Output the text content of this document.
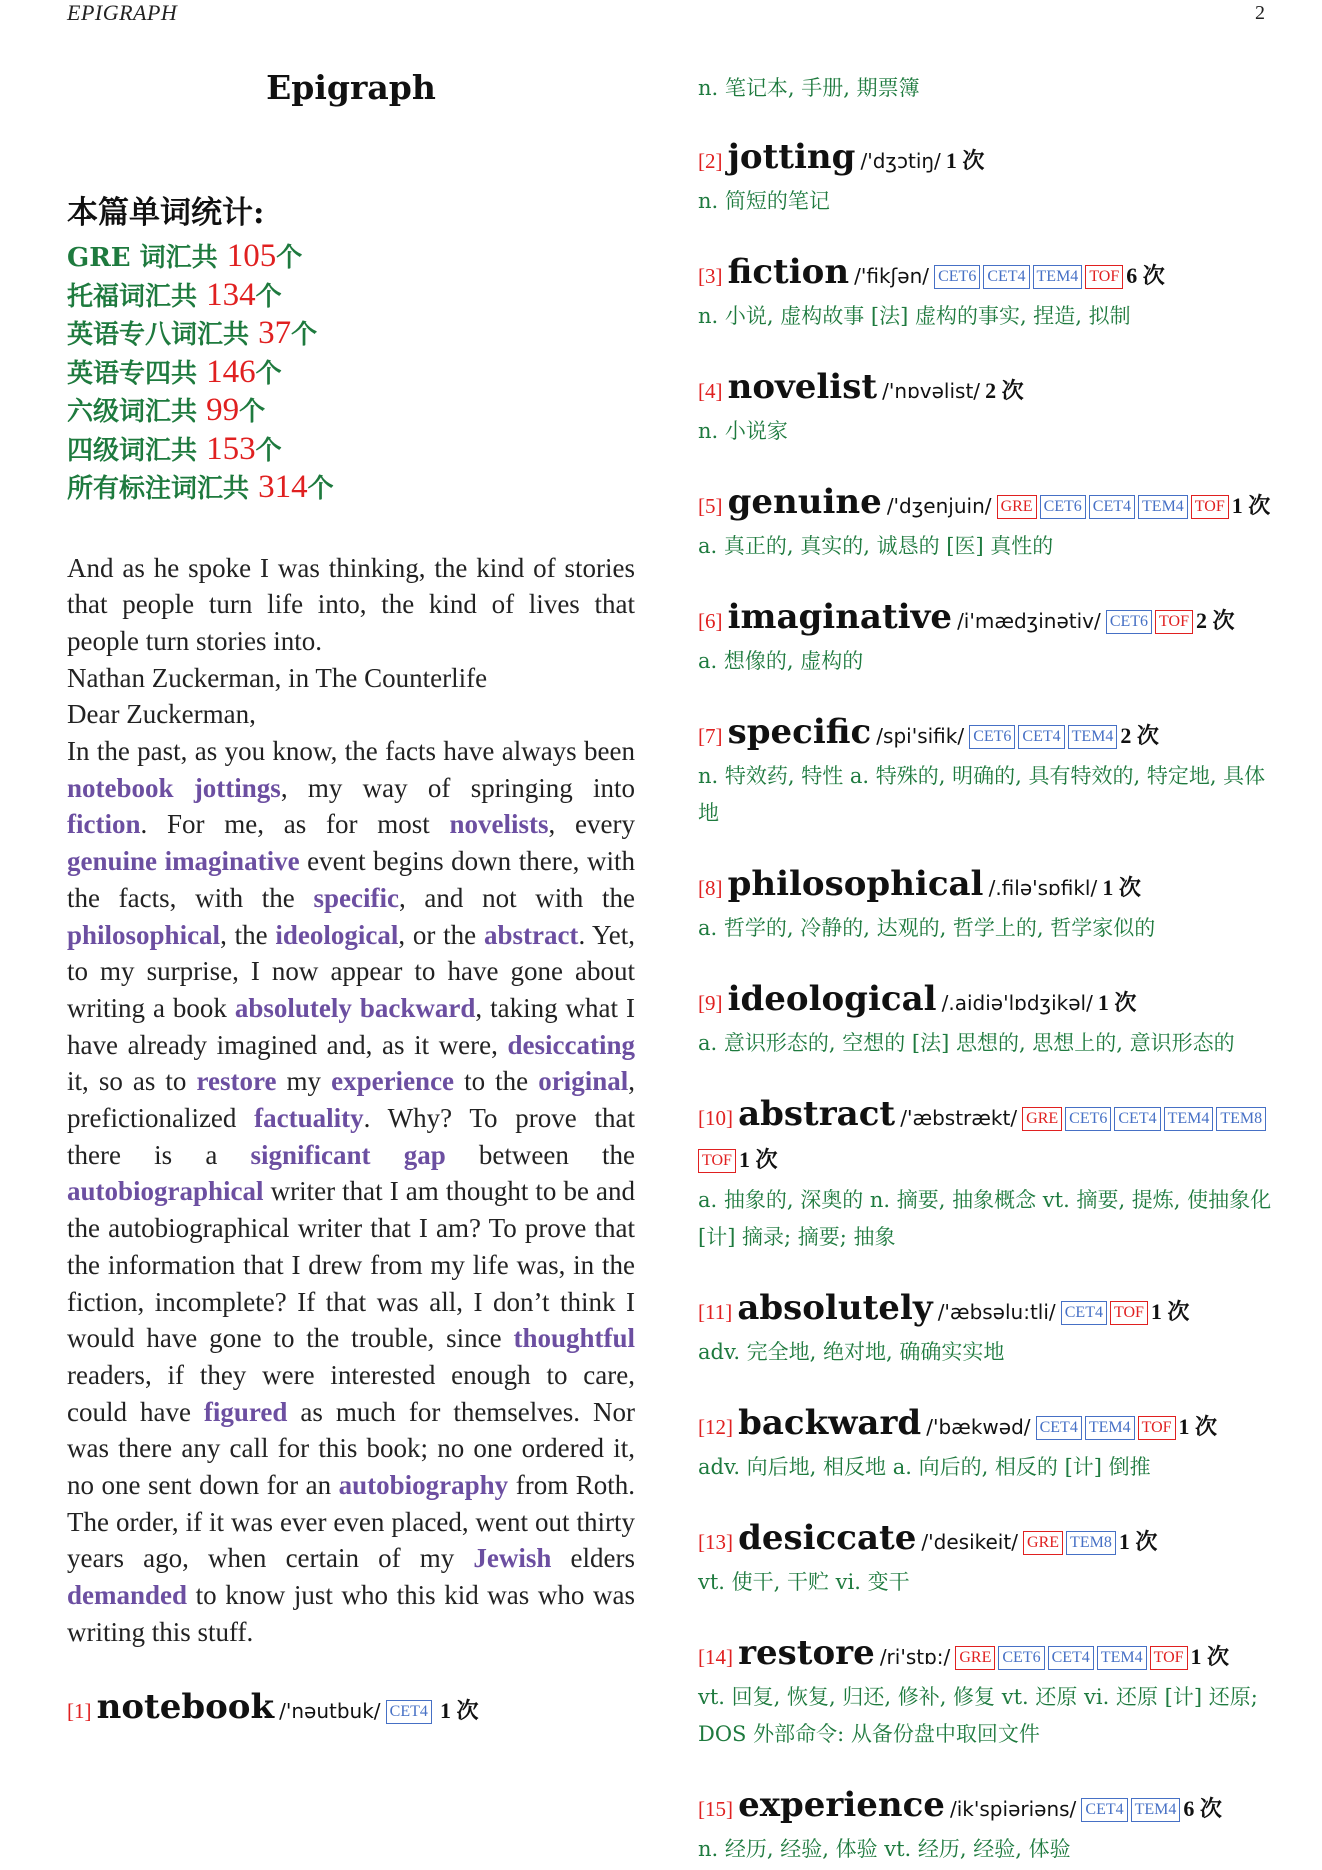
EPIGRAPH	2
Epigraph
本篇单词统计:
GRE 词汇共 105个
托福词汇共 134个
英语专八词汇共 37个
英语专四共 146个
六级词汇共 99个
四级词汇共 153个
所有标注词汇共 314个

And as he spoke I was thinking, the kind of stories that people turn life into, the kind of lives that people turn stories into.

Nathan Zuckerman, in The Counterlife

Dear Zuckerman,

In the past, as you know, the facts have always been notebook jottings, my way of springing into fiction. For me, as for most novelists, every genuine imaginative event begins down there, with the facts, with the specific, and not with the philosophical, the ideological, or the abstract. Yet, to my surprise, I now appear to have gone about writing a book absolutely backward, taking what I have already imagined and, as it were, desiccating it, so as to restore my experience to the original, prefictionalized factuality. Why? To prove that there is a significant gap between the autobiographical writer that I am thought to be and the autobiographical writer that I am? To prove that the information that I drew from my life was, in the fiction, incomplete? If that was all, I don’t think I would have gone to the trouble, since thoughtful readers, if they were interested enough to care, could have figured as much for themselves. Nor was there any call for this book; no one ordered it, no one sent down for an autobiography from Roth. The order, if it was ever even placed, went out thirty years ago, when certain of my Jewish elders demanded to know just who this kid was who was writing this stuff.

[1] notebook /'nəutbuk/ CET4 1 次
n. 笔记本, 手册, 期票簿
[2] jotting /'dʒɔtiŋ/ 1 次
n. 简短的笔记
[3] fiction /'fikʃən/ CET6 CET4 TEM4 TOF 6 次
n. 小说, 虚构故事 [法] 虚构的事实, 捏造, 拟制
[4] novelist /'nɒvəlist/ 2 次
n. 小说家
[5] genuine /'dʒenjuin/ GRE CET6 CET4 TEM4 TOF 1 次
a. 真正的, 真实的, 诚恳的 [医] 真性的
[6] imaginative /i'mædʒinətiv/ CET6 TOF 2 次
a. 想像的, 虚构的
[7] specific /spi'sifik/ CET6 CET4 TEM4 2 次
n. 特效药, 特性 a. 特殊的, 明确的, 具有特效的, 特定地, 具体地
[8] philosophical /.filə'sɒfikl/ 1 次
a. 哲学的, 冷静的, 达观的, 哲学上的, 哲学家似的
[9] ideological /.aidiə'lɒdʒikəl/ 1 次
a. 意识形态的, 空想的 [法] 思想的, 思想上的, 意识形态的
[10] abstract /'æbstrækt/ GRE CET6 CET4 TEM4 TEM8TOF 1 次
a. 抽象的, 深奥的 n. 摘要, 抽象概念 vt. 摘要, 提炼, 使抽象化 [计] 摘录; 摘要; 抽象
[11] absolutely /'æbsəlu:tli/ CET4 TOF 1 次
adv. 完全地, 绝对地, 确确实实地
[12] backward /'bækwəd/ CET4 TEM4 TOF 1 次
adv. 向后地, 相反地 a. 向后的, 相反的 [计] 倒推
[13] desiccate /'desikeit/ GRE TEM8 1 次
vt. 使干, 干贮 vi. 变干
[14] restore /ri'stɒ:/ GRE CET6 CET4 TEM4 TOF 1 次
vt. 回复, 恢复, 归还, 修补, 修复 vt. 还原 vi. 还原 [计] 还原; DOS 外部命令: 从备份盘中取回文件
[15] experience /ik'spiəriəns/ CET4 TEM4 6 次
n. 经历, 经验, 体验 vt. 经历, 经验, 体验
